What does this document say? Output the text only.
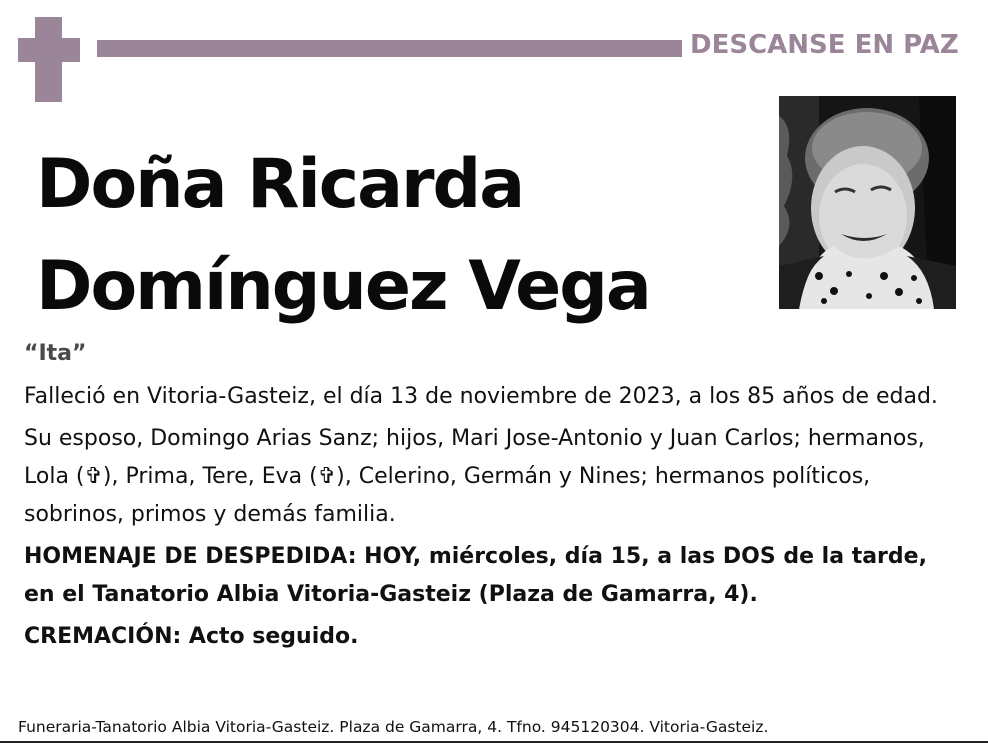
DESCANSE EN PAZ
Doña Ricarda
Domínguez Vega
“Ita”

Falleció en Vitoria-Gasteiz, el día 13 de noviembre de 2023, a los 85 años de edad.

Su esposo, Domingo Arias Sanz; hijos, Mari Jose-Antonio y Juan Carlos; hermanos, Lola (✞), Prima, Tere, Eva (✞), Celerino, Germán y Nines; hermanos políticos, sobrinos, primos y demás familia.

HOMENAJE DE DESPEDIDA: HOY, miércoles, día 15, a las DOS de la tarde, en el Tanatorio Albia Vitoria-Gasteiz (Plaza de Gamarra, 4).

CREMACIÓN: Acto seguido.

Funeraria-Tanatorio Albia Vitoria-Gasteiz. Plaza de Gamarra, 4. Tfno. 945120304. Vitoria-Gasteiz.
